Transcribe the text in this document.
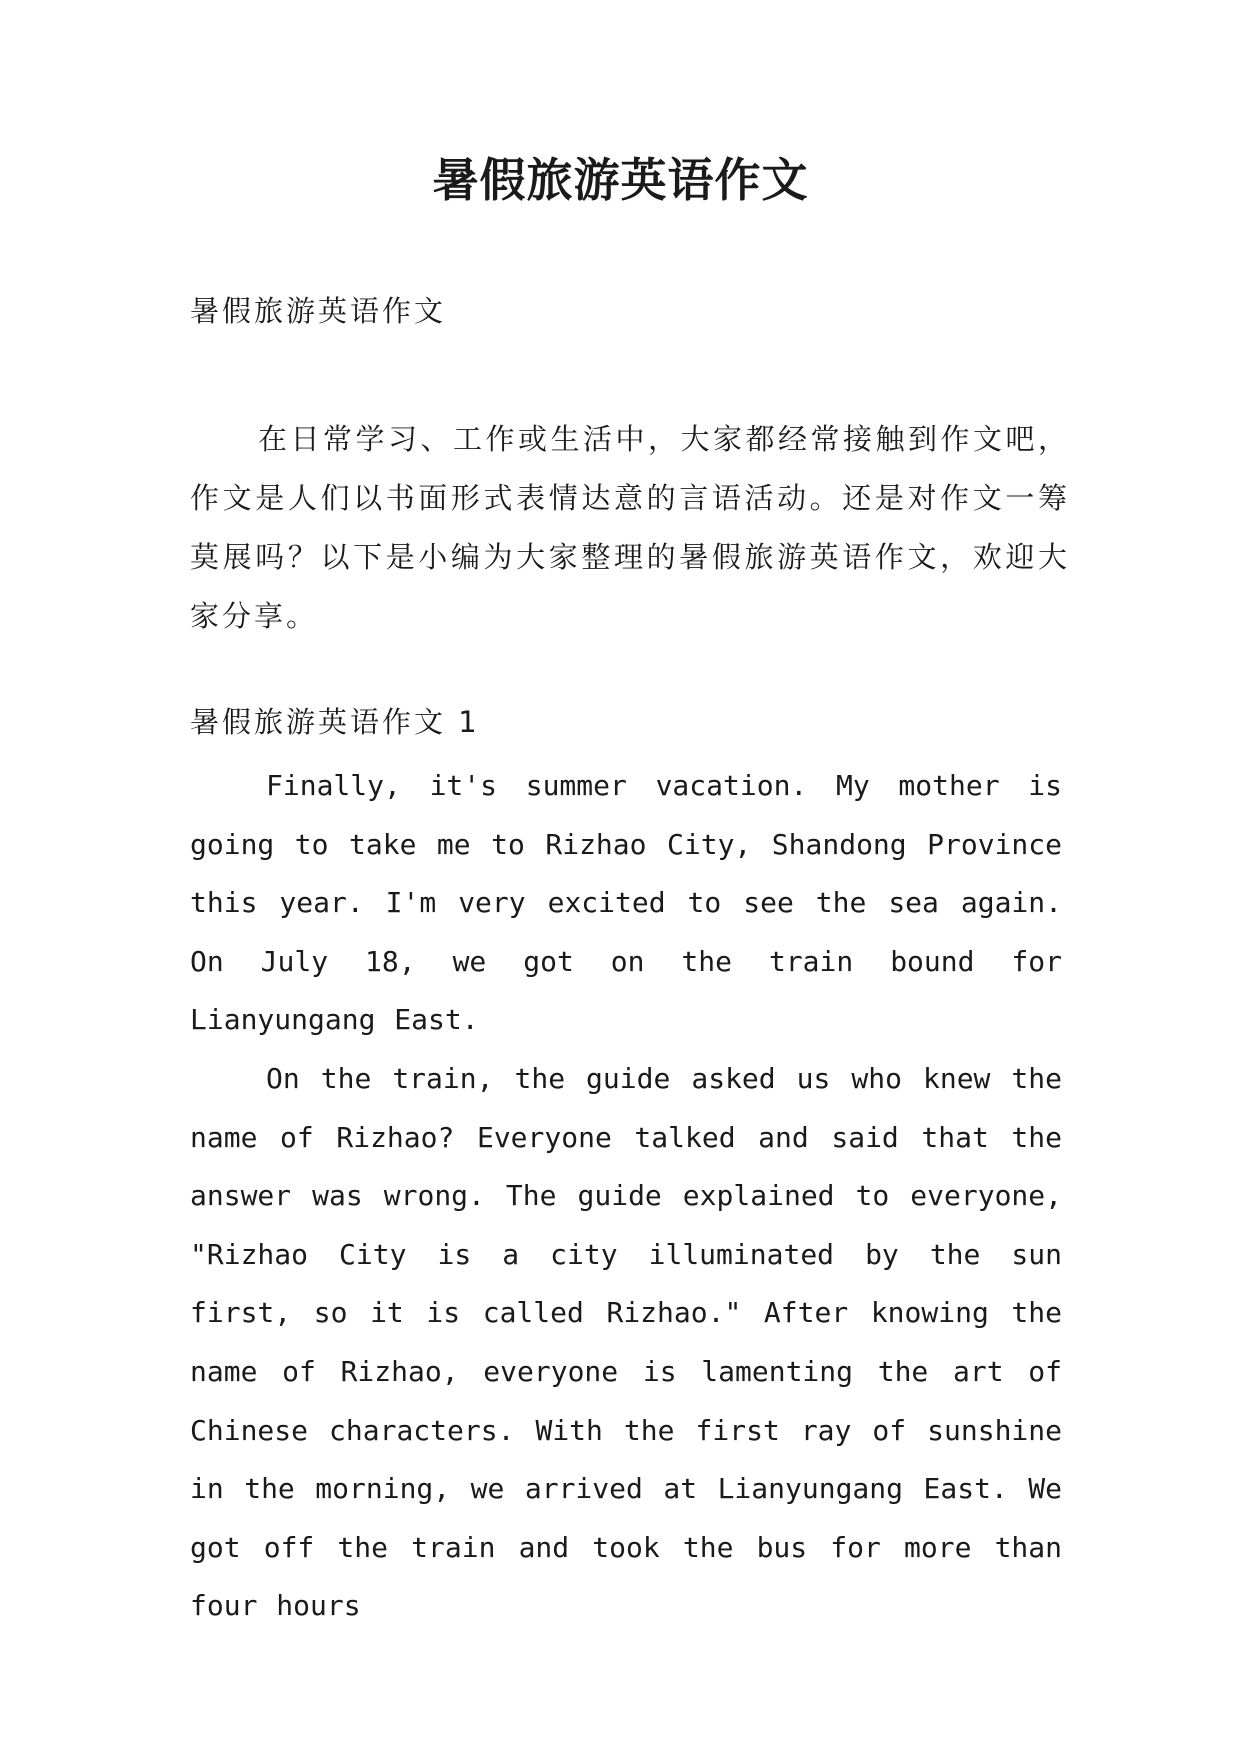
暑假旅游英语作文

暑假旅游英语作文

在日常学习、工作或生活中，大家都经常接触到作文吧，作文是人们以书面形式表情达意的言语活动。还是对作文一筹莫展吗？以下是小编为大家整理的暑假旅游英语作文，欢迎大家分享。

暑假旅游英语作文 1

Finally, it's summer vacation. My mother is going to take me to Rizhao City, Shandong Province this year. I'm very excited to see the sea again. On July 18, we got on the train bound for Lianyungang East.

On the train, the guide asked us who knew the name of Rizhao? Everyone talked and said that the answer was wrong. The guide explained to everyone, "Rizhao City is a city illuminated by the sun first, so it is called Rizhao." After knowing the name of Rizhao, everyone is lamenting the art of Chinese characters. With the first ray of sunshine in the morning, we arrived at Lianyungang East. We got off the train and took the bus for more than four hours
